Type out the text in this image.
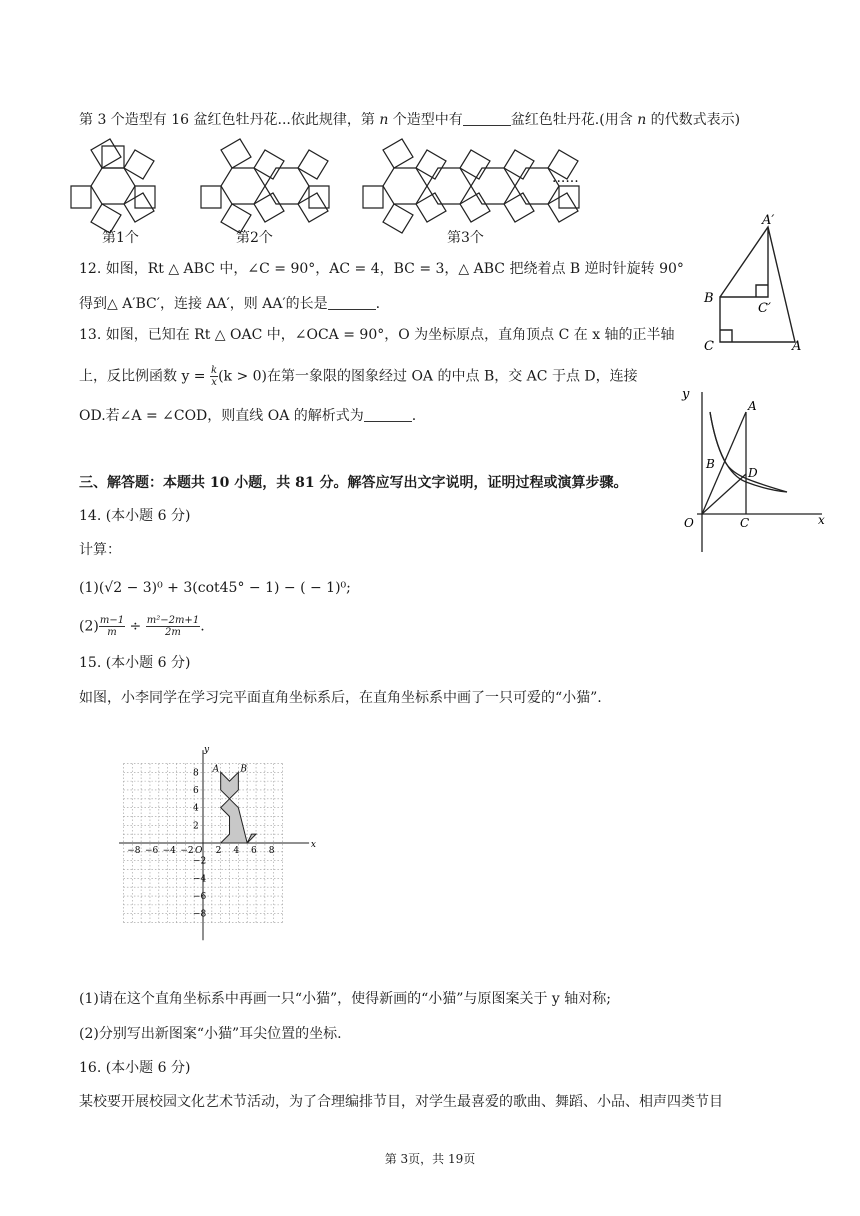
第 3 个造型有 16 盆红色牡丹花...依此规律，第 n 个造型中有	盆红色牡丹花.(用含 n 的代数式表示)
第1个	第2个	第3个
......
12. 如图，Rt △ ABC 中，∠C = 90°，AC = 4，BC = 3，△ ABC 把绕着点 B 逆时针旋转 90°
得到△ A′BC′，连接 AA′，则 AA′的长是	.
A′
B
C′
C	A
13. 如图，已知在 Rt △ OAC 中，∠OCA = 90°，O 为坐标原点，直角顶点 C 在 x 轴的正半轴
上，反比例函数 $y = \frac{k}{x} (k > 0)$在第一象限的图象经过 OA 的中点 B，交 AC 于点 D，连接
OD.若∠A = ∠COD，则直线 OA 的解析式为	.
y
A
B
D
O	C	x
三、解答题：本题共 10 小题，共 81 分。解答应写出文字说明，证明过程或演算步骤。
14. (本小题 6 分)
计算：
(1)(√2 − 3)⁰ + 3(cot45° − 1) − ( − 1)⁰;
$(2) \frac{m-1}{m} \div \frac{\text{m²−2m+1}}{2m}$ .
15. (本小题 6 分)
如图，小李同学在学习完平面直角坐标系后，在直角坐标系中画了一只可爱的“小猫”.
x
y
O
−8 −6 −4 −2 2 4 6 8
8
6
4
2
−2
−4
−6
−8
A B
(1)请在这个直角坐标系中再画一只“小猫”，使得新画的“小猫”与原图案关于 y 轴对称;
(2)分别写出新图案“小猫”耳尖位置的坐标.
16. (本小题 6 分)
某校要开展校园文化艺术节活动，为了合理编排节目，对学生最喜爱的歌曲、舞蹈、小品、相声四类节目
第 3页，共 19页
